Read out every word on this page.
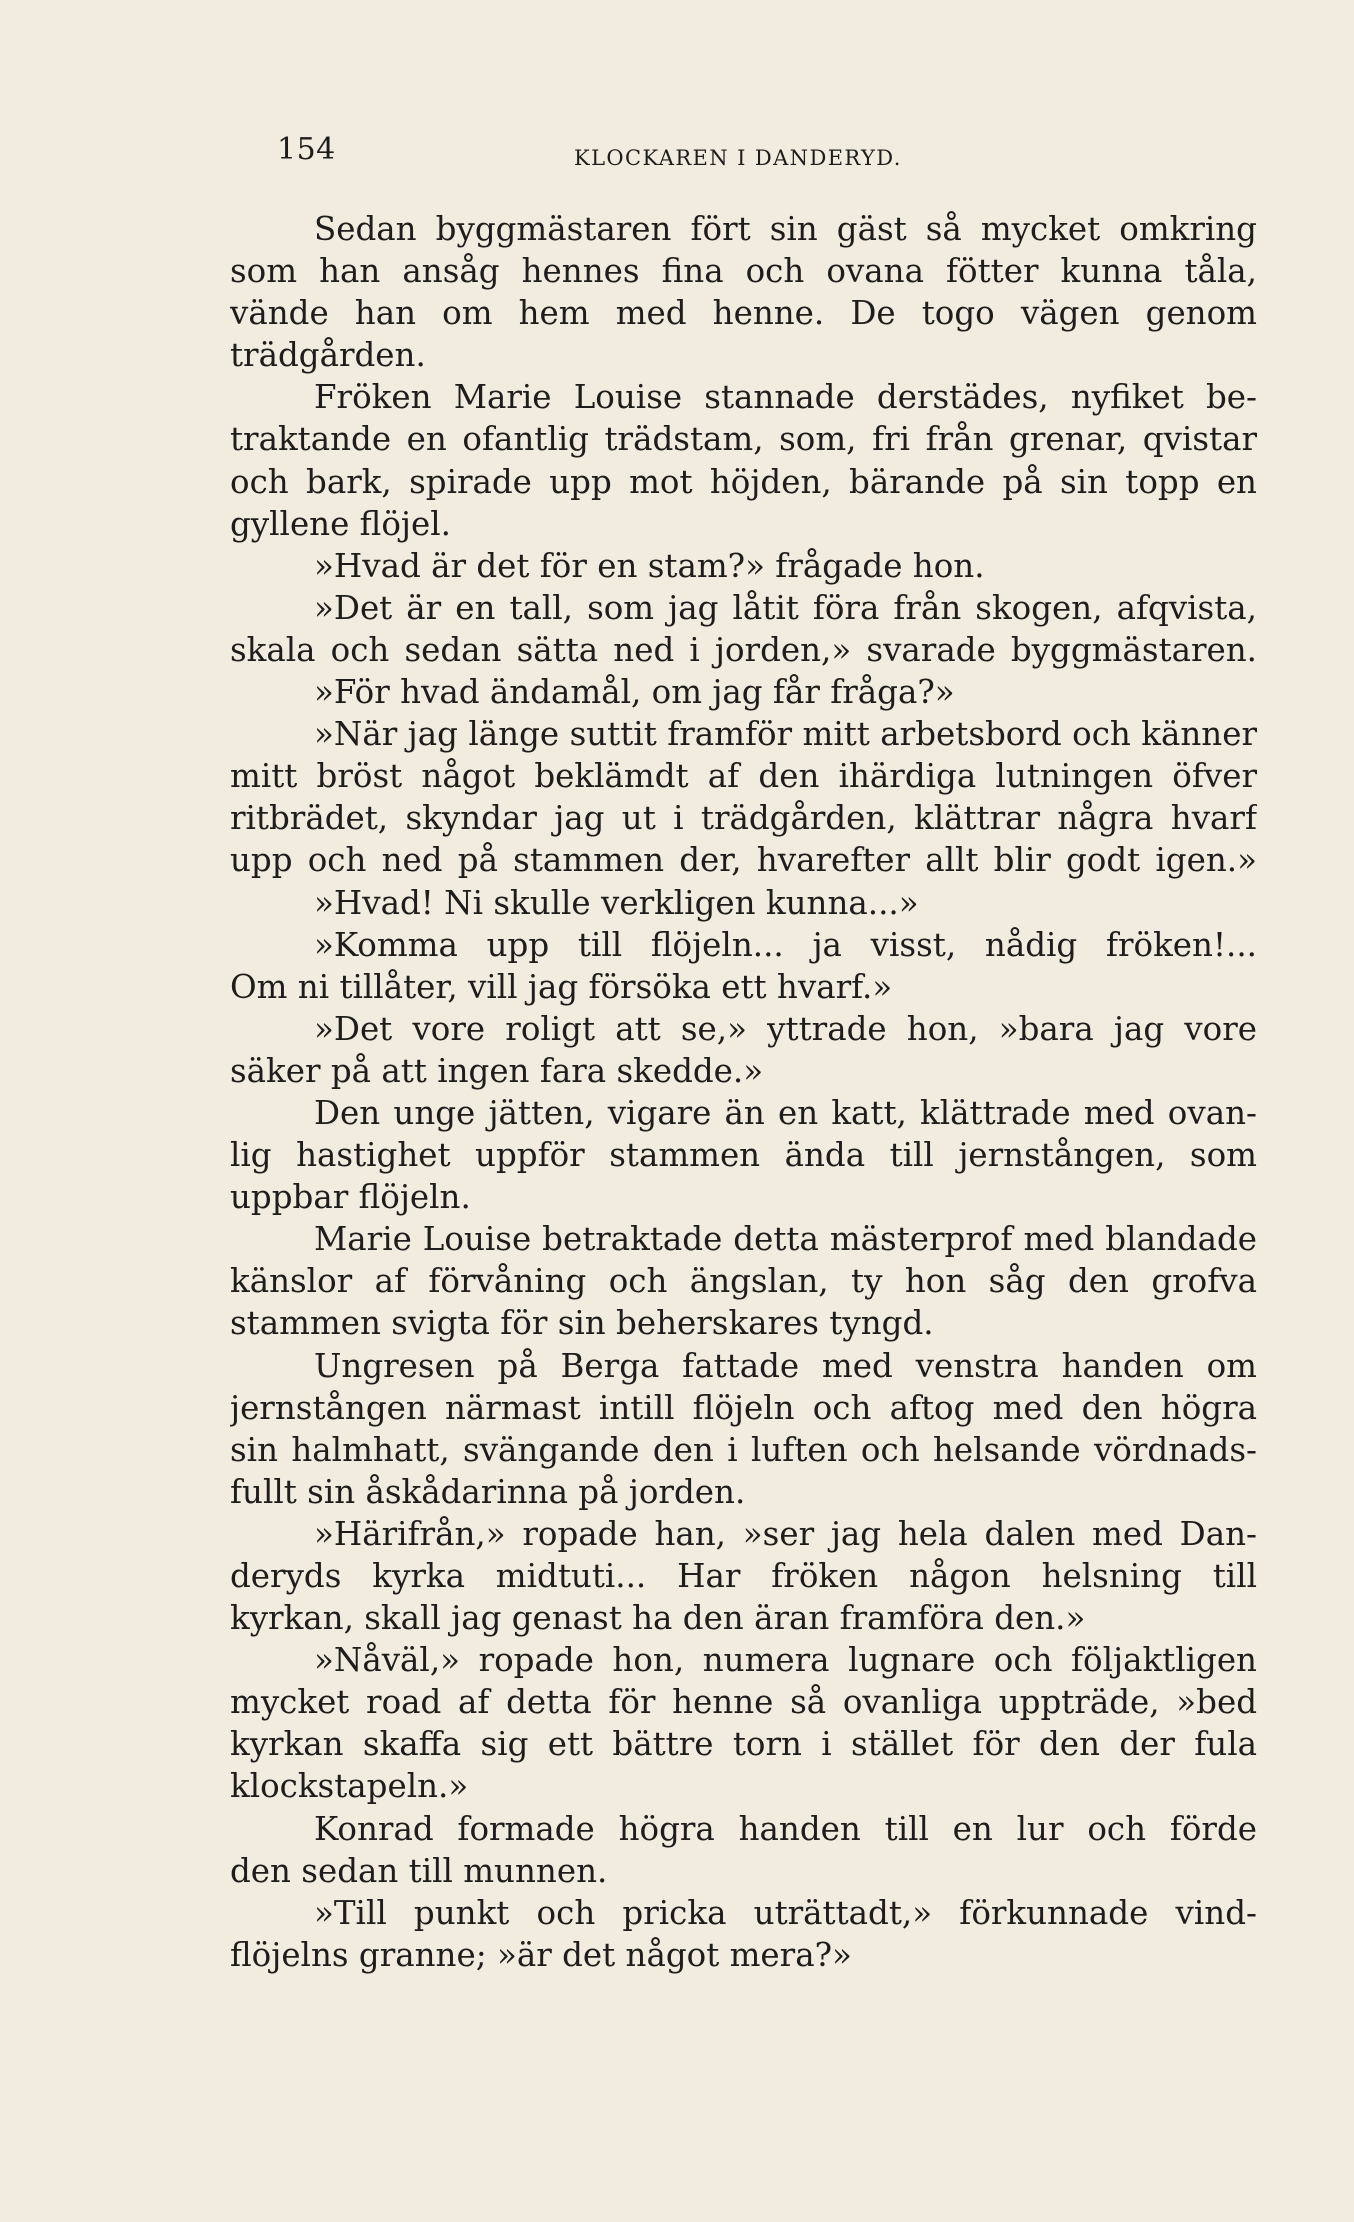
154	KLOCKAREN I DANDERYD.
Sedan byggmästaren fört sin gäst så mycket omkring
som han ansåg hennes fina och ovana fötter kunna tåla,
vände han om hem med henne. De togo vägen genom
trädgården.
Fröken Marie Louise stannade derstädes, nyfiket be-
traktande en ofantlig trädstam, som, fri från grenar, qvistar
och bark, spirade upp mot höjden, bärande på sin topp en
gyllene flöjel.
»Hvad är det för en stam?» frågade hon.
»Det är en tall, som jag låtit föra från skogen, afqvista,
skala och sedan sätta ned i jorden,» svarade byggmästaren.
»För hvad ändamål, om jag får fråga?»
»När jag länge suttit framför mitt arbetsbord och känner
mitt bröst något beklämdt af den ihärdiga lutningen öfver
ritbrädet, skyndar jag ut i trädgården, klättrar några hvarf
upp och ned på stammen der, hvarefter allt blir godt igen.»
»Hvad! Ni skulle verkligen kunna...»
»Komma upp till flöjeln... ja visst, nådig fröken!...
Om ni tillåter, vill jag försöka ett hvarf.»
»Det vore roligt att se,» yttrade hon, »bara jag vore
säker på att ingen fara skedde.»
Den unge jätten, vigare än en katt, klättrade med ovan-
lig hastighet uppför stammen ända till jernstången, som
uppbar flöjeln.
Marie Louise betraktade detta mästerprof med blandade
känslor af förvåning och ängslan, ty hon såg den grofva
stammen svigta för sin beherskares tyngd.
Ungresen på Berga fattade med venstra handen om
jernstången närmast intill flöjeln och aftog med den högra
sin halmhatt, svängande den i luften och helsande vördnads-
fullt sin åskådarinna på jorden.
»Härifrån,» ropade han, »ser jag hela dalen med Dan-
deryds kyrka midtuti... Har fröken någon helsning till
kyrkan, skall jag genast ha den äran framföra den.»
»Nåväl,» ropade hon, numera lugnare och följaktligen
mycket road af detta för henne så ovanliga uppträde, »bed
kyrkan skaffa sig ett bättre torn i stället för den der fula
klockstapeln.»
Konrad formade högra handen till en lur och förde
den sedan till munnen.
»Till punkt och pricka uträttadt,» förkunnade vind-
flöjelns granne; »är det något mera?»
